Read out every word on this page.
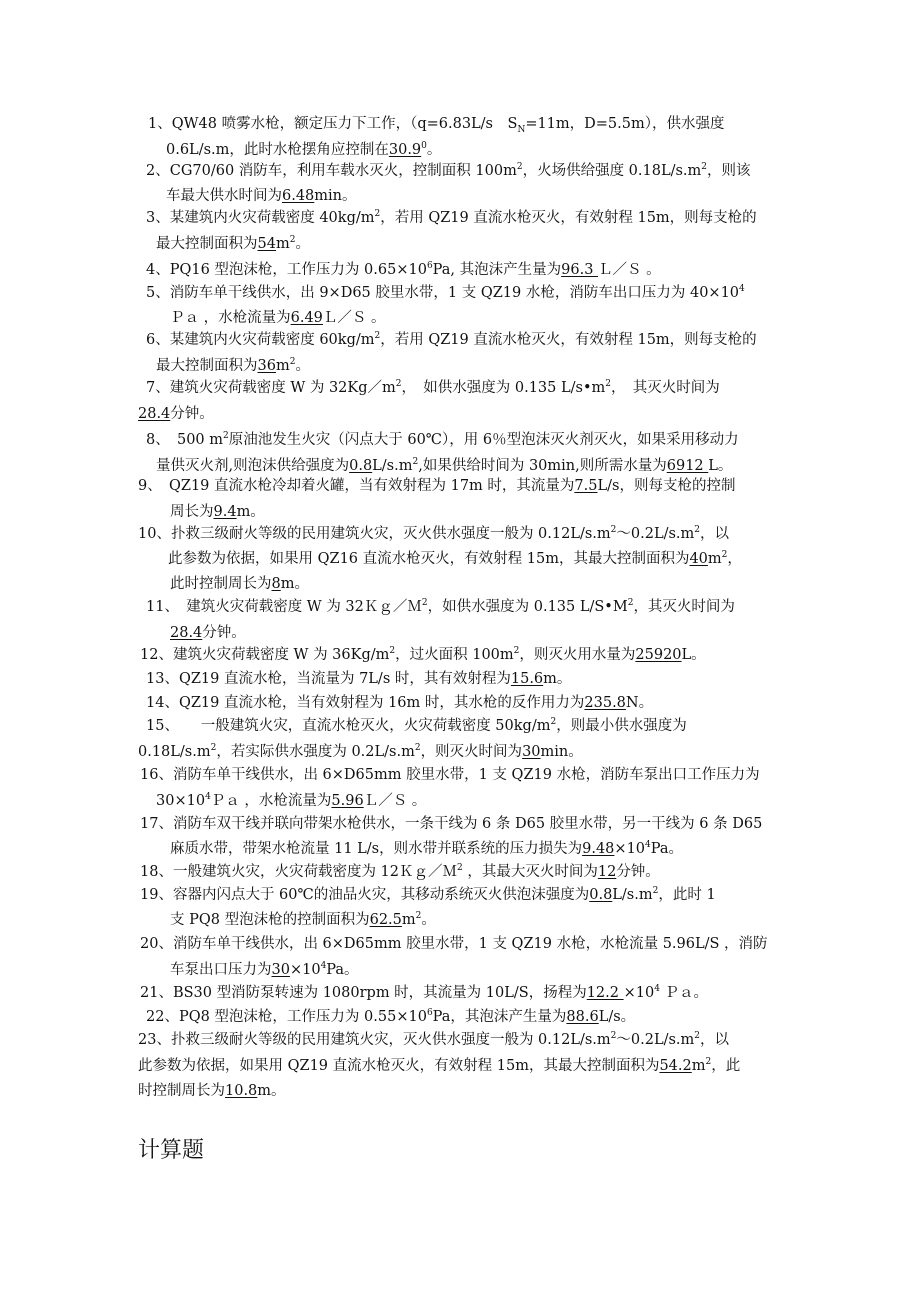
1、QW48 喷雾水枪，额定压力下工作，（q=6.83L/s　$S_N=11m$，D=5.5m），供水强度
0.6L/s.m，此时水枪摆角应控制在30.9$^0$。
2、CG70/60 消防车，利用车载水灭火，控制面积 $100m^2$，火场供给强度 $0.18L/s.m^2$，则该
车最大供水时间为6.48min。
3、某建筑内火灾荷载密度 $40kg/m^2$，若用 QZ19 直流水枪灭火，有效射程 15m，则每支枪的
最大控制面积为$54m^2$。
4、PQ16 型泡沫枪，工作压力为 $0.65\times 10^6Pa$, 其泡沫产生量为96.3 Ｌ／Ｓ 。
5、消防车单干线供水，出 9×D65 胶里水带，1 支 QZ19 水枪，消防车出口压力为 $40\times 10^4$
Ｐａ ，水枪流量为6.49Ｌ／Ｓ 。
6、某建筑内火灾荷载密度 $60kg/m^2$，若用 QZ19 直流水枪灭火，有效射程 15m，则每支枪的
最大控制面积为$36m^2$。
7、建筑火灾荷载密度 W 为 $32Kg/m^2$，　如供水强度为 0.135 $L/s•m^2$，　其灭火时间为
28.4分钟。
8、　500 $m^2$原油池发生火灾（闪点大于 60℃），用 6％型泡沫灭火剂灭火，如果采用移动力
量供灭火剂,则泡沫供给强度为$0.8L/s.m^2$,如果供给时间为 30min,则所需水量为6912 L。
9、　QZ19 直流水枪冷却着火罐，当有效射程为 17m 时，其流量为7.5L/s，则每支枪的控制
周长为9.4m。
10、扑救三级耐火等级的民用建筑火灾，灭火供水强度一般为 $0.12L/s.m^2\sim 0.2L/s.m^2$，以
此参数为依据，如果用 QZ16 直流水枪灭火，有效射程 15m，其最大控制面积为$40m^2$，
此时控制周长为8m。
11、　建筑火灾荷载密度 W 为 32Ｋｇ／Ｍ$^2$，如供水强度为 0.135 $L/S•M^2$，其灭火时间为
28.4分钟。
12、建筑火灾荷载密度 W 为 $36Kg/m^2$，过火面积 $100m^2$，则灭火用水量为25920L。
13、QZ19 直流水枪，当流量为 7L/s 时，其有效射程为15.6m。
14、QZ19 直流水枪，当有效射程为 16m 时，其水枪的反作用力为235.8N。
15、　　一般建筑火灾，直流水枪灭火，火灾荷载密度 $50kg/m^2$，则最小供水强度为
$0.18L/s.m^2$，若实际供水强度为 $0.2L/s.m^2$，则灭火时间为30min。
16、消防车单干线供水，出 6×D65mm 胶里水带，1 支 QZ19 水枪，消防车泵出口工作压力为
$30\times 10^4Pa$ ，水枪流量为5.96Ｌ／Ｓ 。
17、消防车双干线并联向带架水枪供水，一条干线为 6 条 D65 胶里水带，另一干线为 6 条 D65
麻质水带，带架水枪流量 11 L/s，则水带并联系统的压力损失为$9.48\times 10^4Pa$。
18、一般建筑火灾，火灾荷载密度为 12Ｋｇ／Ｍ$^2$ ，其最大灭火时间为12分钟。
19、容器内闪点大于 60℃的油品火灾，其移动系统灭火供泡沫强度为$0.8L/s.m^2$，此时 1
支 PQ8 型泡沫枪的控制面积为$62.5m^2$。
20、消防车单干线供水，出 6×D65mm 胶里水带，1 支 QZ19 水枪，水枪流量 5.96L/S ，消防
车泵出口压力为$30\times 10^4Pa$。
21、BS30 型消防泵转速为 1080rpm 时，其流量为 10L/S，扬程为$12.2 \times 10^4$ Ｐａ。
22、PQ8 型泡沫枪，工作压力为 $0.55\times 10^6Pa$，其泡沫产生量为88.6L/s。
23、扑救三级耐火等级的民用建筑火灾，灭火供水强度一般为 $0.12L/s.m^2\sim 0.2L/s.m^2$，以
此参数为依据，如果用 QZ19 直流水枪灭火，有效射程 15m，其最大控制面积为$54.2m^2$，此
时控制周长为10.8m。
计算题
